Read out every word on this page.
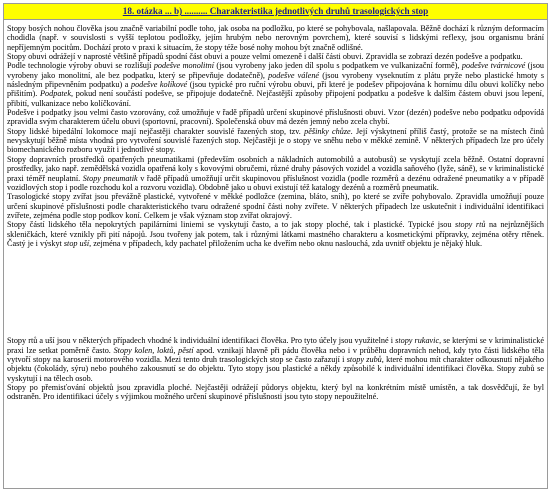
18. otázka ... b) .......... Charakteristika jednotlivých druhů trasologických stop

Stopy bosých nohou člověka jsou značně variabilní podle toho, jak osoba na podložku, po které se pohybovala, našlapovala. Běžně dochází k různým deformacím chodidla (např. v souvislosti s vyšší teplotou podložky, jejím hrubým nebo nerovným povrchem), které souvisí s lidskými reflexy, jsou organismu brání nepříjemným pocitům. Dochází proto v praxi k situacím, že stopy téže bosé nohy mohou být značně odlišné.

Stopy obuvi odrážejí v naprosté většině případů spodní část obuvi a pouze velmi omezeně i další části obuvi. Zpravidla se zobrazí dezén podešve a podpatku.

Podle technologie výroby obuvi se rozlišují podešve monolitní (jsou vyrobeny jako jeden díl spolu s podpatkem ve vulkanizační formě), podešve tvárnicové (jsou vyrobeny jako monolitní, ale bez podpatku, který se připevňuje dodatečně), podešve válené (jsou vyrobeny vyseknutím z plátu pryže nebo plastické hmoty s následným připevněním podpatku) a podešve kolíkové (jsou typické pro ruční výrobu obuvi, při které je podešev připojována k hornímu dílu obuvi kolíčky nebo přišitím). Podpatek, pokud není součástí podešve, se připojuje dodatečně. Nejčastější způsoby připojení podpatku a podešve k dalším částem obuvi jsou lepení, přibití, vulkanizace nebo kolíčkování.

Podešve i podpatky jsou velmi často vzorovány, což umožňuje v řadě případů určení skupinové příslušnosti obuvi. Vzor (dezén) podešve nebo podpatku odpovídá zpravidla svým charakterem účelu obuvi (sportovní, pracovní). Společenská obuv má dezén jemný nebo zcela chybí.

Stopy lidské bipedální lokomoce mají nejčastěji charakter souvislé řazených stop, tzv. pěšinky chůze. Její výskytnení příliš častý, protože se na místech činů nevyskytují běžně místa vhodná pro vytvoření souvislé řazených stop. Nejčastěji je o stopy ve sněhu nebo v měkké zemině. V některých případech lze pro účely biomechanického rozboru využít i jednotlivé stopy.

Stopy dopravních prostředků opatřených pneumatikami (především osobních a nákladních automobilů a autobusů) se vyskytují zcela běžně. Ostatní dopravní prostředky, jako např. zemědělská vozidla opatřená koly s kovovými obručemi, různé druhy pásových vozidel a vozidla saňového (lyže, sáně), se v kriminalistické praxi téměř neuplatní. Stopy pneumatik v řadě případů umožňují určit skupinovou příslušnost vozidla (podle rozměrů a dezénu odražené pneumatiky a v případě vozidlových stop i podle rozchodu kol a rozvoru vozidla). Obdobně jako u obuvi existují též katalogy dezénů a rozměrů pneumatik.

Trasologické stopy zvířat jsou převážně plastické, vytvořené v měkké podložce (zemina, bláto, sníh), po které se zvíře pohybovalo. Zpravidla umožňují pouze určení skupinové příslušnosti podle charakteristického tvaru odražené spodní části nohy zvířete. V některých případech lze uskutečnit i individuální identifikaci zvířete, zejména podle stop podkov koní. Celkem je však význam stop zvířat okrajový.

Stopy částí lidského těla nepokrytých papilárními liniemi se vyskytují často, a to jak stopy ploché, tak i plastické. Typické jsou stopy rtů na nejrůznějších skleničkách, které vznikly při pití nápojů. Jsou tvořeny jak potem, tak i různými látkami mastného charakteru a kosmetickými přípravky, zejména otěry rtěnek. Častý je i výskyt stop uší, zejména v případech, kdy pachatel přiložením ucha ke dveřím nebo oknu naslouchá, zda uvnitř objektu je nějaký hluk.

Stopy rtů a uší jsou v některých případech vhodné k individuální identifikaci člověka. Pro tyto účely jsou využitelné i stopy rukavic, se kterými se v kriminalistické praxi lze setkat poměrně často. Stopy kolen, loktů, pěstí apod. vznikají hlavně při pádu člověka nebo i v průběhu dopravních nehod, kdy tyto části lidského těla vytvoří stopy na karoserii motorového vozidla. Mezi tento druh trasologických stop se často zařazují i stopy zubů, které mohou mít charakter odkousnutí nějakého objektu (čokolády, sýru) nebo pouhého zakousnutí se do objektu. Tyto stopy jsou plastické a někdy způsobilé k individuální identifikaci člověka. Stopy zubů se vyskytují i na tělech osob.

Stopy po přemisťování objektů jsou zpravidla ploché. Nejčastěji odrážejí půdorys objektu, který byl na konkrétním místě umístěn, a tak dosvědčují, že byl odstraněn. Pro identifikaci účely s výjimkou možného určení skupinové příslušnosti jsou tyto stopy nepoužitelné.
